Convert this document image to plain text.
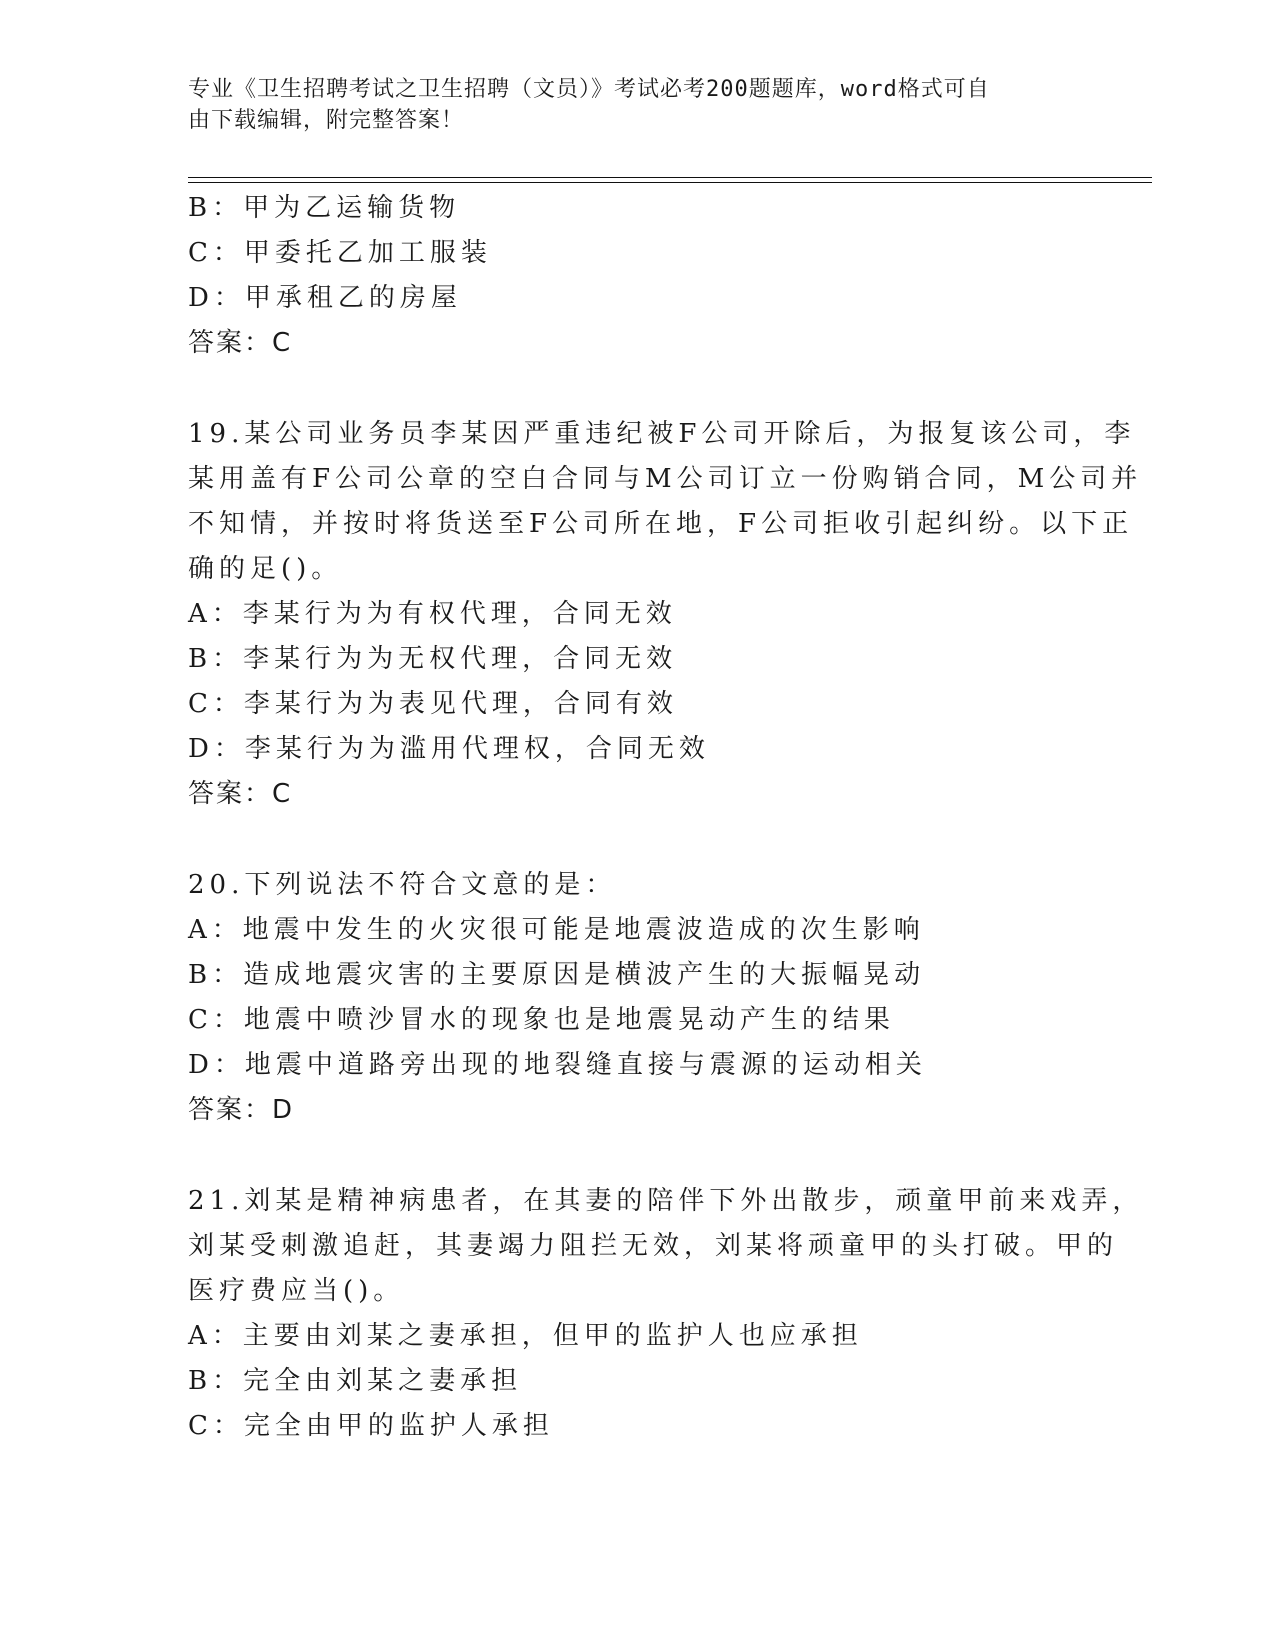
专业《卫生招聘考试之卫生招聘（文员）》考试必考200题题库，word格式可自
由下载编辑，附完整答案！
B：甲为乙运输货物
C：甲委托乙加工服装
D：甲承租乙的房屋
答案：C
19.某公司业务员李某因严重违纪被F公司开除后，为报复该公司，李
某用盖有F公司公章的空白合同与M公司订立一份购销合同，M公司并
不知情，并按时将货送至F公司所在地，F公司拒收引起纠纷。以下正
确的足()。
A：李某行为为有权代理，合同无效
B：李某行为为无权代理，合同无效
C：李某行为为表见代理，合同有效
D：李某行为为滥用代理权，合同无效
答案：C
20.下列说法不符合文意的是：
A：地震中发生的火灾很可能是地震波造成的次生影响
B：造成地震灾害的主要原因是横波产生的大振幅晃动
C：地震中喷沙冒水的现象也是地震晃动产生的结果
D：地震中道路旁出现的地裂缝直接与震源的运动相关
答案：D
21.刘某是精神病患者，在其妻的陪伴下外出散步，顽童甲前来戏弄，
刘某受刺激追赶，其妻竭力阻拦无效，刘某将顽童甲的头打破。甲的
医疗费应当()。
A：主要由刘某之妻承担，但甲的监护人也应承担
B：完全由刘某之妻承担
C：完全由甲的监护人承担
